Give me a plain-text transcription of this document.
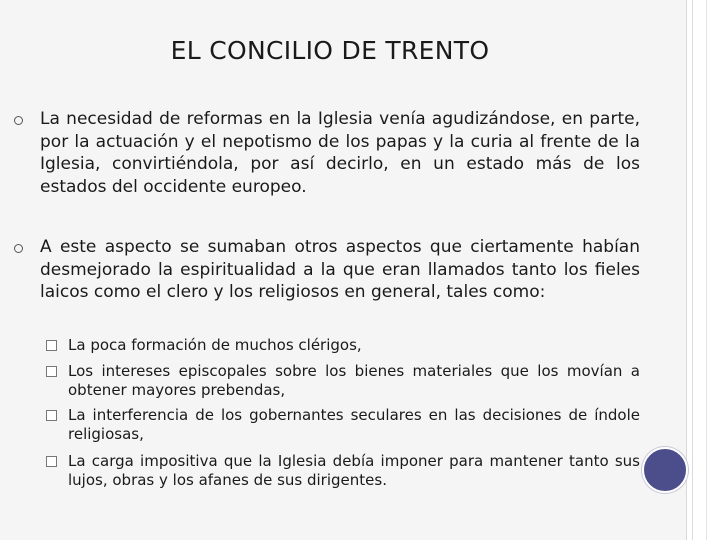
EL CONCILIO DE TRENTO
La necesidad de reformas en la Iglesia venía agudizándose, en parte, por la actuación y el nepotismo de los papas y la curia al frente de la Iglesia, convirtiéndola, por así decirlo, en un estado más de los estados del occidente europeo.
A este aspecto se sumaban otros aspectos que ciertamente habían desmejorado la espiritualidad a la que eran llamados tanto los fieles laicos como el clero y los religiosos en general, tales como:
La poca formación de muchos clérigos,
Los intereses episcopales sobre los bienes materiales que los movían a obtener mayores prebendas,
La interferencia de los gobernantes seculares en las decisiones de índole religiosas,
La carga impositiva que la Iglesia debía imponer para mantener tanto sus lujos, obras y los afanes de sus dirigentes.
